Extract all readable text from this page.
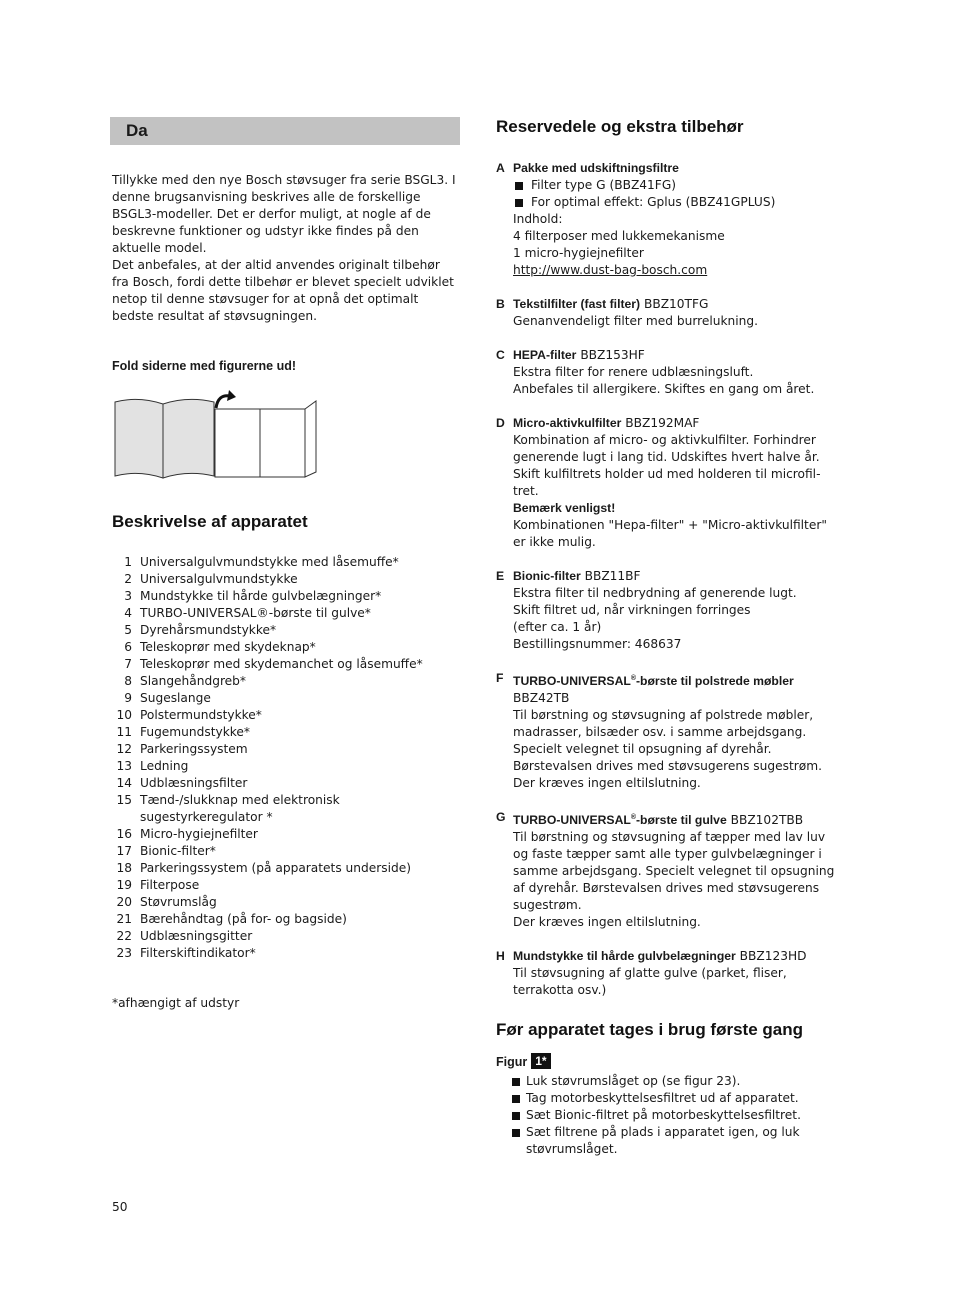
Da

Tillykke med den nye Bosch støvsuger fra serie BSGL3. I denne brugsanvisning beskrives alle de forskellige BSGL3-modeller. Det er derfor muligt, at nogle af de beskrevne funktioner og udstyr ikke findes på den aktuelle model.

Det anbefales, at der altid anvendes originalt tilbehør fra Bosch, fordi dette tilbehør er blevet specielt udviklet netop til denne støvsuger for at opnå det optimalt bedste resultat af støvsugningen.

Fold siderne med figurerne ud!
Beskrivelse af apparatet
1 Universalgulvmundstykke med låsemuffe*
2 Universalgulvmundstykke
3 Mundstykke til hårde gulvbelægninger*
4 TURBO-UNIVERSAL®-børste til gulve*
5 Dyrehårsmundstykke*
6 Teleskoprør med skydeknap*
7 Teleskoprør med skydemanchet og låsemuffe*
8 Slangehåndgreb*
9 Sugeslange
10 Polstermundstykke*
11 Fugemundstykke*
12 Parkeringssystem
13 Ledning
14 Udblæsningsfilter
15 Tænd-/slukknap med elektronisk sugestyrkeregulator *
16 Micro-hygiejnefilter
17 Bionic-filter*
18 Parkeringssystem (på apparatets underside)
19 Filterpose
20 Støvrumslåg
21 Bærehåndtag (på for- og bagside)
22 Udblæsningsgitter
23 Filterskiftindikator*
*afhængigt af udstyr
50
Reservedele og ekstra tilbehør
A Pakke med udskiftningsfiltre
Filter type G (BBZ41FG)
For optimal effekt: Gplus (BBZ41GPLUS)
Indhold:
4 filterposer med lukkemekanisme
1 micro-hygiejnefilter
http://www.dust-bag-bosch.com
B Tekstilfilter (fast filter) BBZ10TFG
Genanvendeligt filter med burrelukning.
C HEPA-filter BBZ153HF
Ekstra filter for renere udblæsningsluft.
Anbefales til allergikere. Skiftes en gang om året.
D Micro-aktivkulfilter BBZ192MAF
Kombination af micro- og aktivkulfilter. Forhindrer generende lugt i lang tid. Udskiftes hvert halve år. Skift kulfiltrets holder ud med holderen til microfil-tret.
Bemærk venligst!
Kombinationen "Hepa-filter" + "Micro-aktivkulfilter" er ikke mulig.
E Bionic-filter BBZ11BF
Ekstra filter til nedbrydning af generende lugt.
Skift filtret ud, når virkningen forringes
(efter ca. 1 år)
Bestillingsnummer: 468637
F TURBO-UNIVERSAL®-børste til polstrede møbler
BBZ42TB
Til børstning og støvsugning af polstrede møbler, madrasser, bilsæder osv. i samme arbejdsgang. Specielt velegnet til opsugning af dyrehår. Børstevalsen drives med støvsugerens sugestrøm.
Der kræves ingen eltilslutning.
G TURBO-UNIVERSAL®-børste til gulve BBZ102TBB
Til børstning og støvsugning af tæpper med lav luv og faste tæpper samt alle typer gulvbelægninger i samme arbejdsgang. Specielt velegnet til opsugning af dyrehår. Børstevalsen drives med støvsugerens sugestrøm.
Der kræves ingen eltilslutning.
H Mundstykke til hårde gulvbelægninger BBZ123HD
Til støvsugning af glatte gulve (parket, fliser, terrakotta osv.)
Før apparatet tages i brug første gang
Figur 1*
Luk støvrumslåget op (se figur 23).
Tag motorbeskyttelsesfiltret ud af apparatet.
Sæt Bionic-filtret på motorbeskyttelsesfiltret.
Sæt filtrene på plads i apparatet igen, og luk støvrumslåget.
